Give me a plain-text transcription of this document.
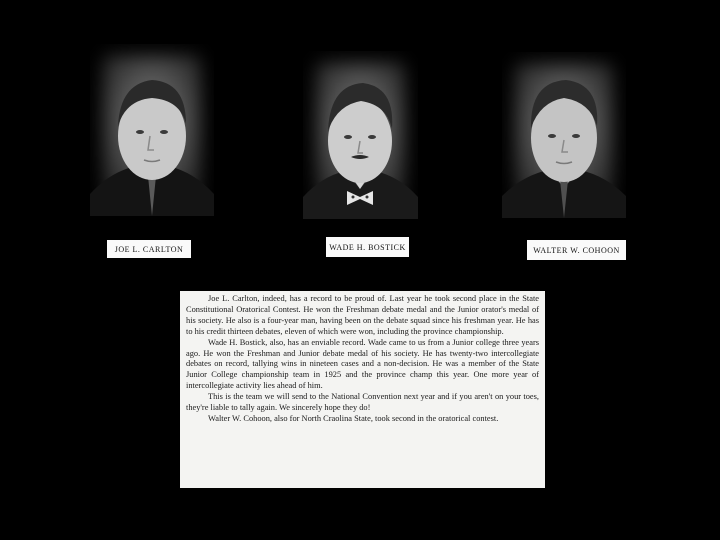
JOE L. CARLTON	WADE H. BOSTICK	WALTER W. COHOON

Joe L. Carlton, indeed, has a record to be proud of. Last year he took second place in the State Constitutional Oratorical Contest. He won the Freshman debate medal and the Junior orator's medal of his society. He also is a four-year man, having been on the debate squad since his freshman year. He has to his credit thirteen debates, eleven of which were won, including the province championship.

Wade H. Bostick, also, has an enviable record. Wade came to us from a Junior college three years ago. He won the Freshman and Junior debate medal of his society. He has twenty-two intercollegiate debates on record, tallying wins in nineteen cases and a non-decision. He was a member of the State Junior College championship team in 1925 and the province champ this year. One more year of intercollegiate activity lies ahead of him.

This is the team we will send to the National Convention next year and if you aren't on your toes, they're liable to tally again. We sincerely hope they do!

Walter W. Cohoon, also for North Craolina State, took second in the oratorical contest.
